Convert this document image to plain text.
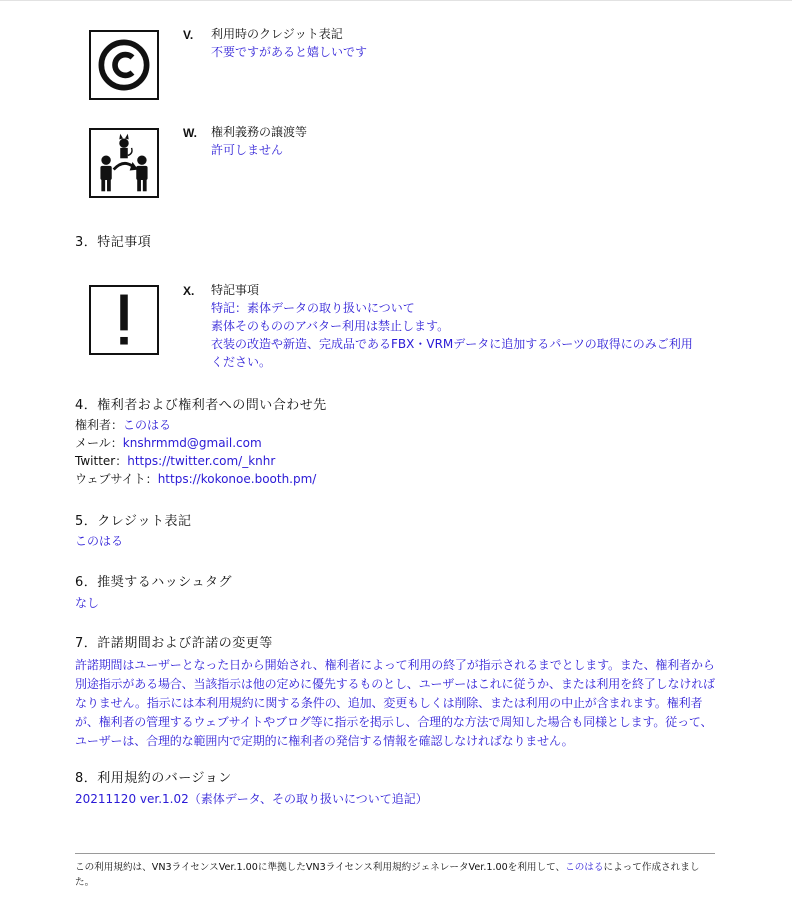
V. 利用時のクレジット表記
不要ですがあると嬉しいです
W. 権利義務の譲渡等
許可しません
3．特記事項
X. 特記事項
特記：素体データの取り扱いについて
素体そのもののアバター利用は禁止します。
衣装の改造や新造、完成品であるFBX・VRMデータに追加するパーツの取得にのみご利用
ください。
4．権利者および権利者への問い合わせ先
権利者：このはる
メール：knshrmmd@gmail.com
Twitter：https://twitter.com/_knhr
ウェブサイト：https://kokonoe.booth.pm/
5．クレジット表記
このはる
6．推奨するハッシュタグ
なし
7．許諾期間および許諾の変更等
許諾期間はユーザーとなった日から開始され、権利者によって利用の終了が指示されるまでとします。また、権利者から別途指示がある場合、当該指示は他の定めに優先するものとし、ユーザーはこれに従うか、または利用を終了しなければなりません。指示には本利用規約に関する条件の、追加、変更もしくは削除、または利用の中止が含まれます。権利者が、権利者の管理するウェブサイトやブログ等に指示を掲示し、合理的な方法で周知した場合も同様とします。従って、ユーザーは、合理的な範囲内で定期的に権利者の発信する情報を確認しなければなりません。
8．利用規約のバージョン
20211120 ver.1.02（素体データ、その取り扱いについて追記）
この利用規約は、VN3ライセンスVer.1.00に準拠したVN3ライセンス利用規約ジェネレータVer.1.00を利用して、このはるによって作成されました。
